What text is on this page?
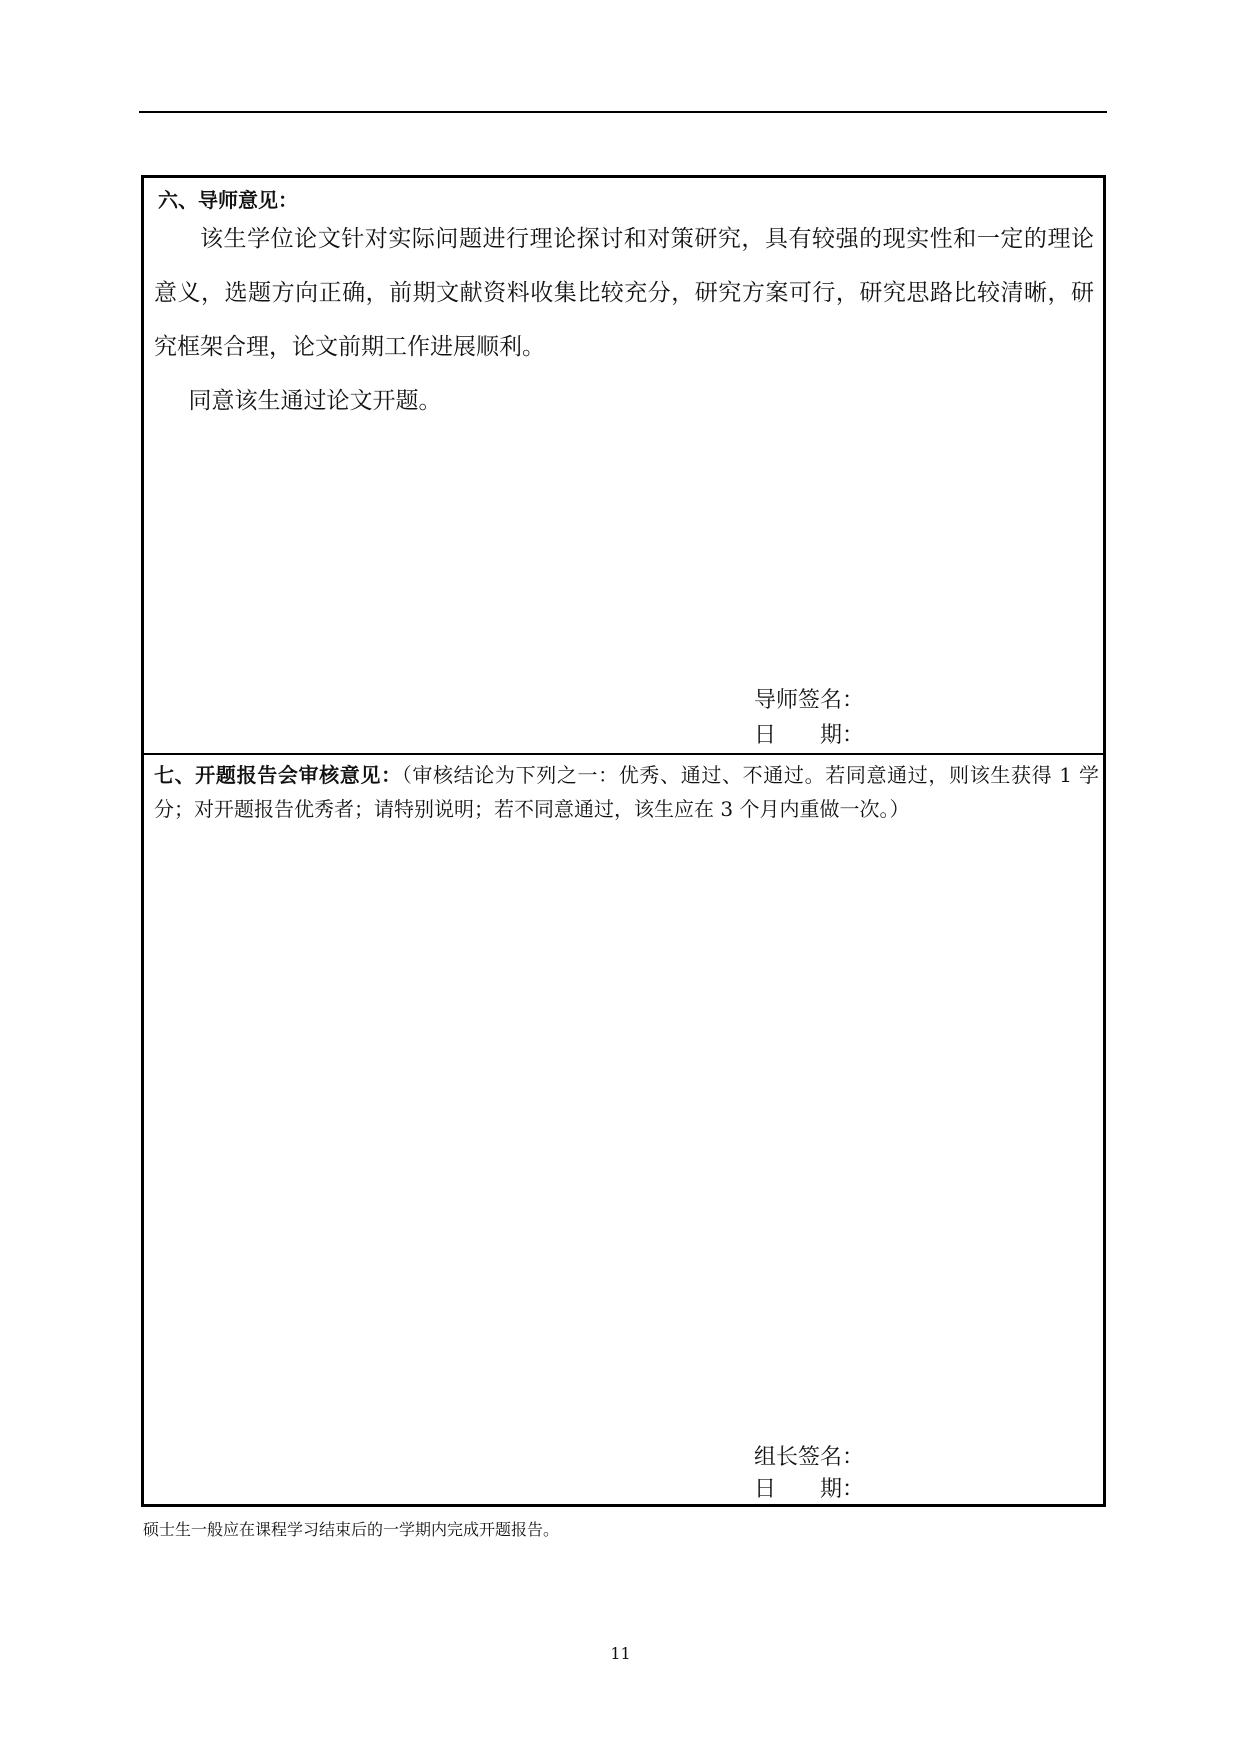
六、导师意见：

该生学位论文针对实际问题进行理论探讨和对策研究，具有较强的现实性和一定的理论意义，选题方向正确，前期文献资料收集比较充分，研究方案可行，研究思路比较清晰，研究框架合理，论文前期工作进展顺利。

同意该生通过论文开题。

导师签名：
日　　期：
七、开题报告会审核意见：（审核结论为下列之一：优秀、通过、不通过。若同意通过，则该生获得 1 学分；对开题报告优秀者；请特别说明；若不同意通过，该生应在 3 个月内重做一次。）
组长签名：
日　　期：
硕士生一般应在课程学习结束后的一学期内完成开题报告。
11
